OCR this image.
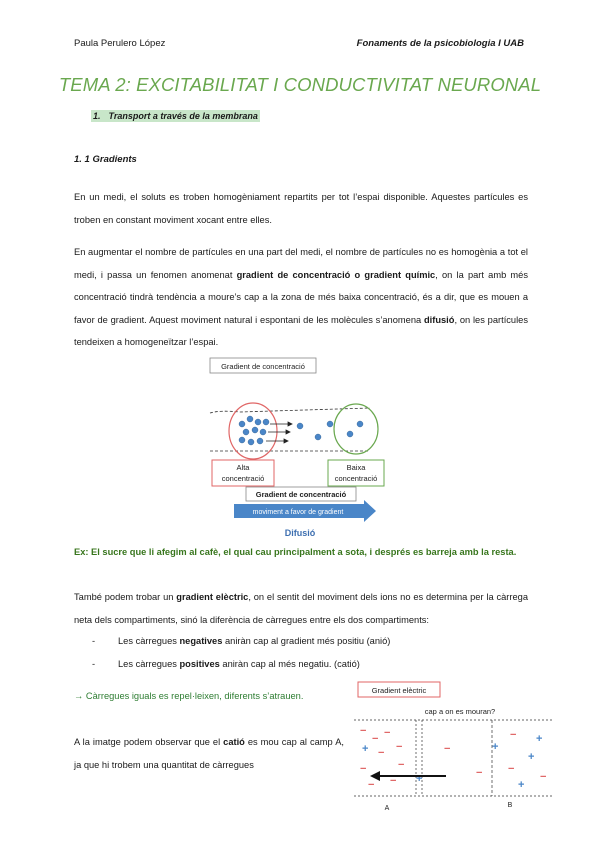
Paula Perulero López	Fonaments de la psicobiologia I UAB
TEMA 2: EXCITABILITAT I CONDUCTIVITAT NEURONAL
1. Transport a través de la membrana
1. 1 Gradients

En un medi, el soluts es troben homogèniament repartits per tot l’espai disponible. Aquestes partícules es troben en constant moviment xocant entre elles.

En augmentar el nombre de partícules en una part del medi, el nombre de partícules no es homogènia a tot el medi, i passa un fenomen anomenat gradient de concentració o gradient químic, on la part amb més concentració tindrà tendència a moure’s cap a la zona de més baixa concentració, és a dir, que es mouen a favor de gradient. Aquest moviment natural i espontani de les molècules s’anomena difusió, on les partícules tendeixen a homogeneïtzar l’espai.

Gradient de concentració
Alta
concentració
Baixa
concentració
Gradient de concentració
moviment a favor de gradient
Difusió
Ex: El sucre que li afegim al cafè, el qual cau principalment a sota, i després es barreja amb la resta.

També podem trobar un gradient elèctric, on el sentit del moviment dels ions no es determina per la càrrega neta dels compartiments, sinó la diferència de càrregues entre els dos compartiments:

- Les càrregues negatives aniràn cap al gradient més positiu (anió)
- Les càrregues positives aniràn cap al més negatiu. (catió)
→ Càrregues iguals es repel·leixen, diferents s’atrauen.
Gradient elèctric
cap a on es mouran?
−
− −
+ − −
−	−
− −
−
+
+
−
+
−
+
−	−
+
A	B

A la imatge podem observar que el catió es mou cap al camp A, ja que hi trobem una quantitat de càrregues
